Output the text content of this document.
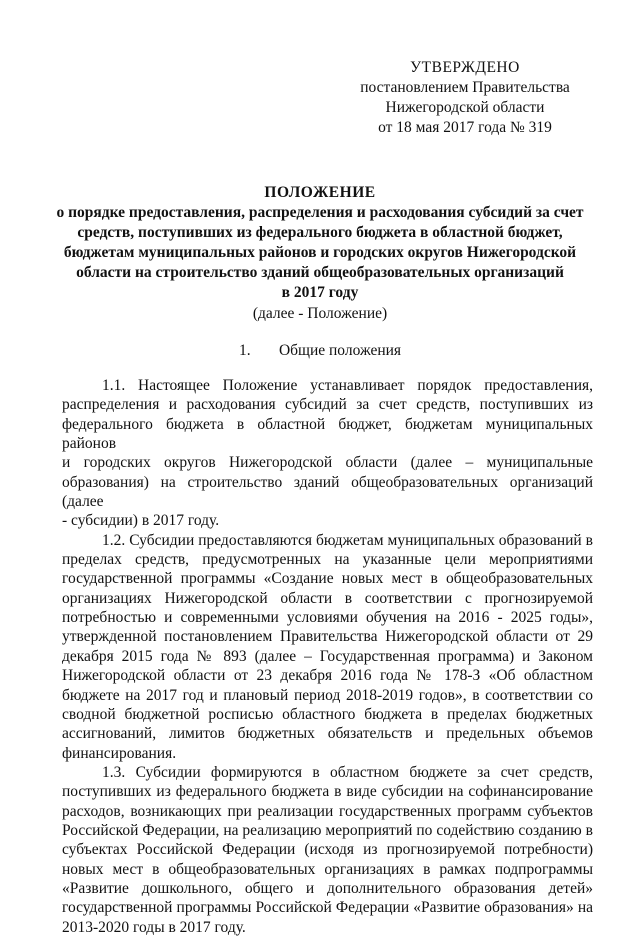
УТВЕРЖДЕНО
постановлением Правительства
Нижегородской области
от 18 мая 2017 года № 319
ПОЛОЖЕНИЕ
о порядке предоставления, распределения и расходования субсидий за счет
средств, поступивших из федерального бюджета в областной бюджет,
бюджетам муниципальных районов и городских округов Нижегородской
области на строительство зданий общеобразовательных организаций
в 2017 году
(далее - Положение)
1. Общие положения
1.1. Настоящее Положение устанавливает порядок предоставления,
распределения и расходования субсидий за счет средств, поступивших из
федерального бюджета в областной бюджет, бюджетам муниципальных районов
и городских округов Нижегородской области (далее – муниципальные
образования) на строительство зданий общеобразовательных организаций (далее
- субсидии) в 2017 году.
1.2. Субсидии предоставляются бюджетам муниципальных образований в
пределах средств, предусмотренных на указанные цели мероприятиями
государственной программы «Создание новых мест в общеобразовательных
организациях Нижегородской области в соответствии с прогнозируемой
потребностью и современными условиями обучения на 2016 - 2025 годы»,
утвержденной постановлением Правительства Нижегородской области от 29
декабря 2015 года № 893 (далее – Государственная программа) и Законом
Нижегородской области от 23 декабря 2016 года № 178-З «Об областном
бюджете на 2017 год и плановый период 2018-2019 годов», в соответствии со
сводной бюджетной росписью областного бюджета в пределах бюджетных
ассигнований, лимитов бюджетных обязательств и предельных объемов
финансирования.
1.3. Субсидии формируются в областном бюджете за счет средств,
поступивших из федерального бюджета в виде субсидии на софинансирование
расходов, возникающих при реализации государственных программ субъектов
Российской Федерации, на реализацию мероприятий по содействию созданию в
субъектах Российской Федерации (исходя из прогнозируемой потребности)
новых мест в общеобразовательных организациях в рамках подпрограммы
«Развитие дошкольного, общего и дополнительного образования детей»
государственной программы Российской Федерации «Развитие образования» на
2013-2020 годы в 2017 году.
